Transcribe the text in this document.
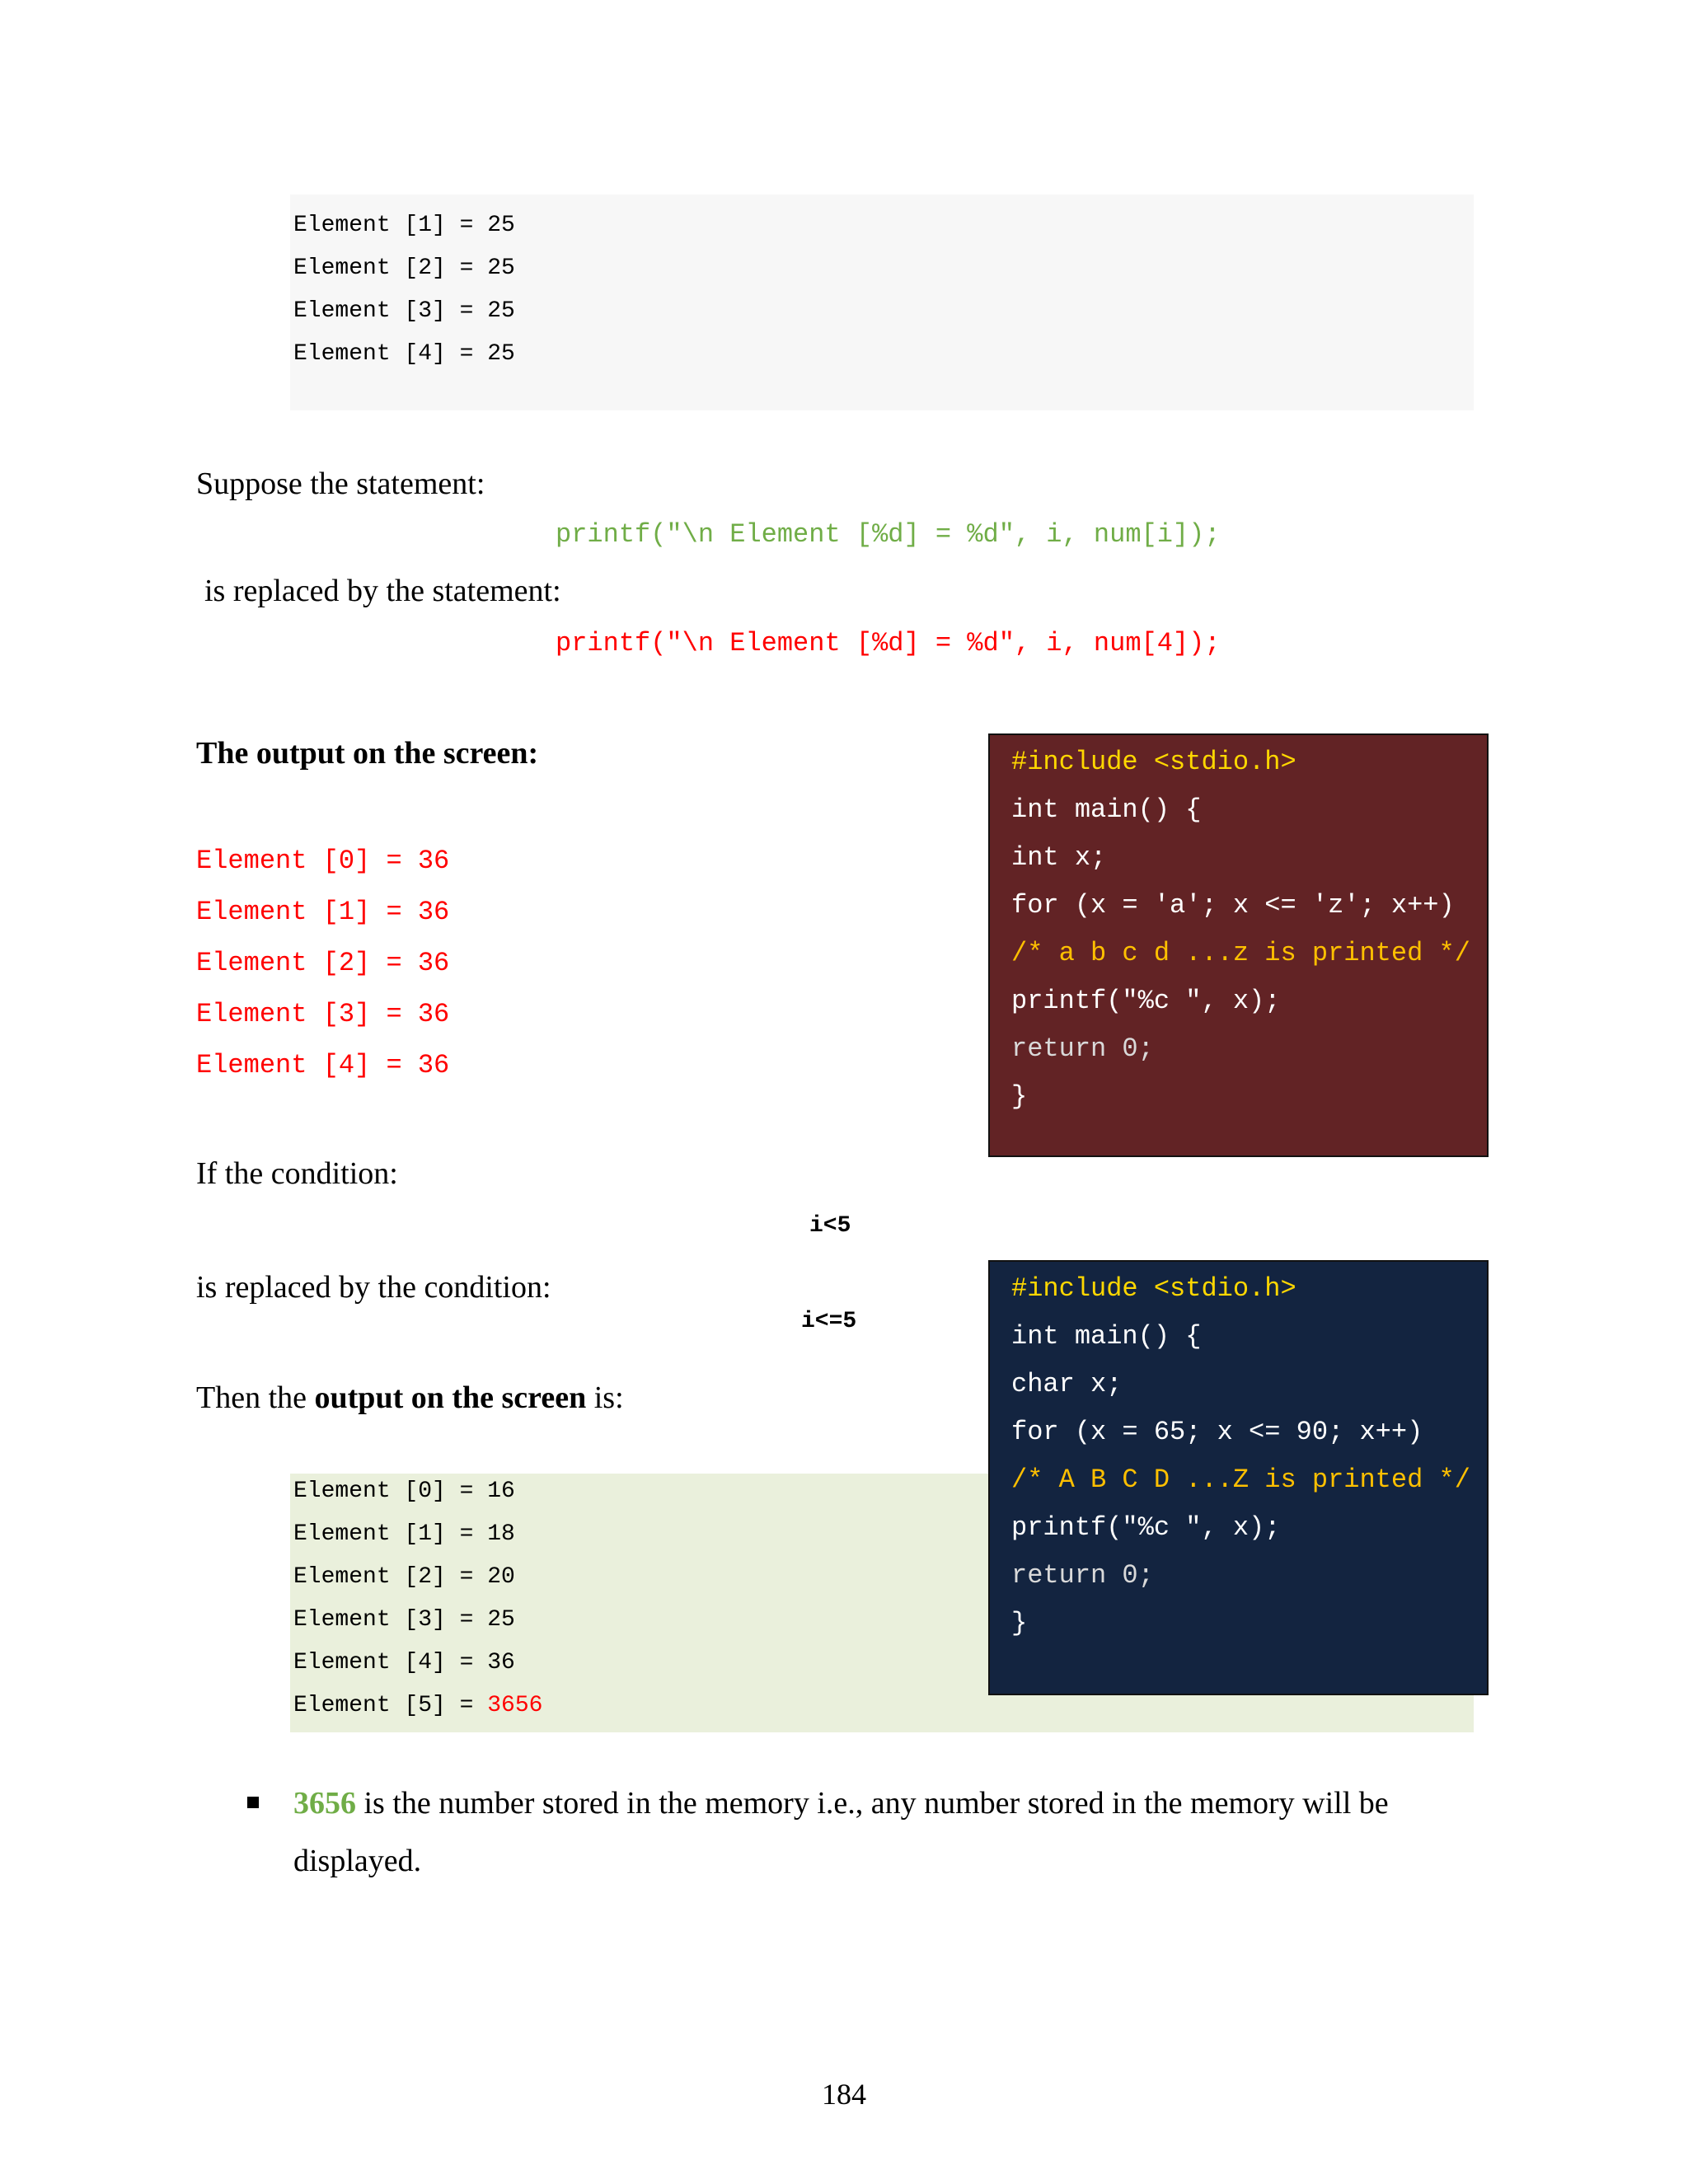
Element [1] = 25
Element [2] = 25
Element [3] = 25
Element [4] = 25
Suppose the statement:
printf("\n Element [%d] = %d", i, num[i]);
is replaced by the statement:
printf("\n Element [%d] = %d", i, num[4]);
The output on the screen:
Element [0] = 36
Element [1] = 36
Element [2] = 36
Element [3] = 36
Element [4] = 36
#include <stdio.h>
int main() {
int x;
for (x = 'a'; x <= 'z'; x++)
/* a b c d ...z is printed */
printf("%c ", x);
return 0;
}
If the condition:
i<5
is replaced by the condition:
i<=5
Then the output on the screen is:
Element [0] = 16
Element [1] = 18
Element [2] = 20
Element [3] = 25
Element [4] = 36
Element [5] = 3656
#include <stdio.h>
int main() {
char x;
for (x = 65; x <= 90; x++)
/* A B C D ...Z is printed */
printf("%c ", x);
return 0;
}
3656 is the number stored in the memory i.e., any number stored in the memory will be
displayed.
184
